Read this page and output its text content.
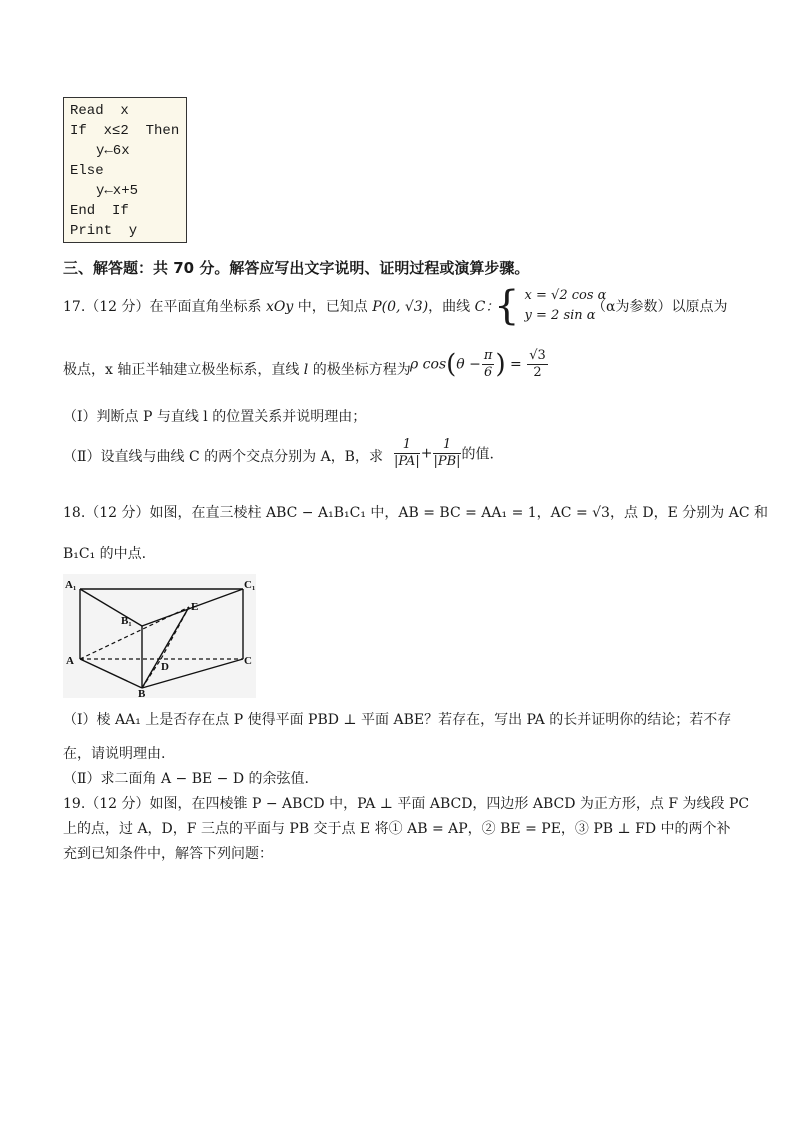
Read  x
If  x≤2  Then
y←6x
Else
y←x+5
End  If
Print  y
三、解答题：共 70 分。解答应写出文字说明、证明过程或演算步骤。
17.（12 分）在平面直角坐标系 xOy 中，已知点 P(0, √3)，曲线 C：
{ x = √2 cos α
y = 2 sin α
（α为参数）以原点为
极点，x 轴正半轴建立极坐标系，直线 l 的极坐标方程为 ρ $\cos(\theta - \frac{\pi}{6}$ ) = $\frac{√3}{2}$
（Ⅰ）判断点 P 与直线 l 的位置关系并说明理由；
（Ⅱ）设直线与曲线 C 的两个交点分别为 A，B，求 $\frac{1}{|PA|} + \frac{1}{|PB|}$ 的值.
18.（12 分）如图，在直三棱柱 ABC − A₁B₁C₁ 中，AB = BC = AA₁ = 1，AC = √3，点 D，E 分别为 AC 和
B₁C₁ 的中点.
A₁
B₁
C₁
E
A	D	C
B
（Ⅰ）棱 AA₁ 上是否存在点 P 使得平面 PBD ⊥ 平面 ABE？若存在，写出 PA 的长并证明你的结论；若不存
在，请说明理由.
（Ⅱ）求二面角 A − BE − D 的余弦值.
19.（12 分）如图，在四棱锥 P − ABCD 中，PA ⊥ 平面 ABCD，四边形 ABCD 为正方形，点 F 为线段 PC
上的点，过 A，D，F 三点的平面与 PB 交于点 E 将① AB = AP，② BE = PE，③ PB ⊥ FD 中的两个补
充到已知条件中，解答下列问题：
